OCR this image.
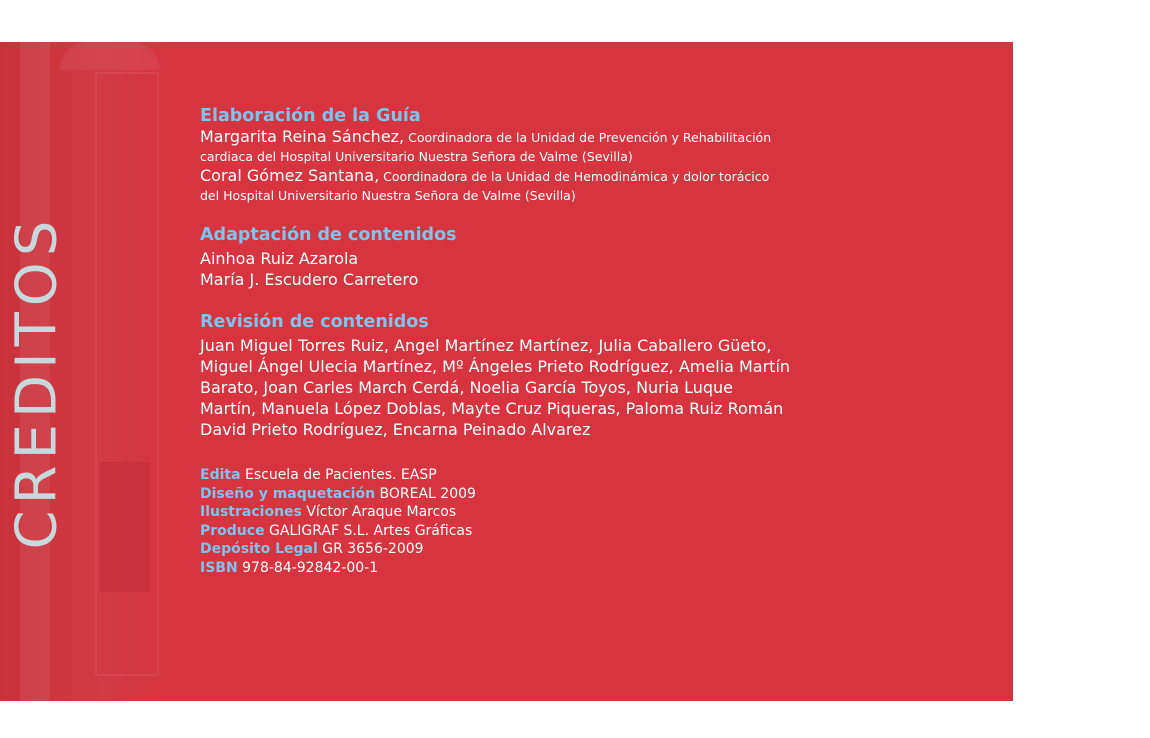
CREDITOS
Elaboración de la Guía
Margarita Reina Sánchez, Coordinadora de la Unidad de Prevención y Rehabilitación
cardiaca del Hospital Universitario Nuestra Señora de Valme (Sevilla)
Coral Gómez Santana, Coordinadora de la Unidad de Hemodinámica y dolor torácico
del Hospital Universitario Nuestra Señora de Valme (Sevilla)
Adaptación de contenidos
Ainhoa Ruiz Azarola
María J. Escudero Carretero
Revisión de contenidos
Juan Miguel Torres Ruiz, Angel Martínez Martínez, Julia Caballero Güeto,
Miguel Ángel Ulecia Martínez, Mº Ángeles Prieto Rodríguez, Amelia Martín
Barato, Joan Carles March Cerdá, Noelia García Toyos, Nuria Luque
Martín, Manuela López Doblas, Mayte Cruz Piqueras, Paloma Ruiz Román
David Prieto Rodríguez, Encarna Peinado Alvarez
Edita Escuela de Pacientes. EASP
Diseño y maquetación BOREAL 2009
Ilustraciones Víctor Araque Marcos
Produce GALIGRAF S.L. Artes Gráficas
Depósito Legal GR 3656-2009
ISBN 978-84-92842-00-1
